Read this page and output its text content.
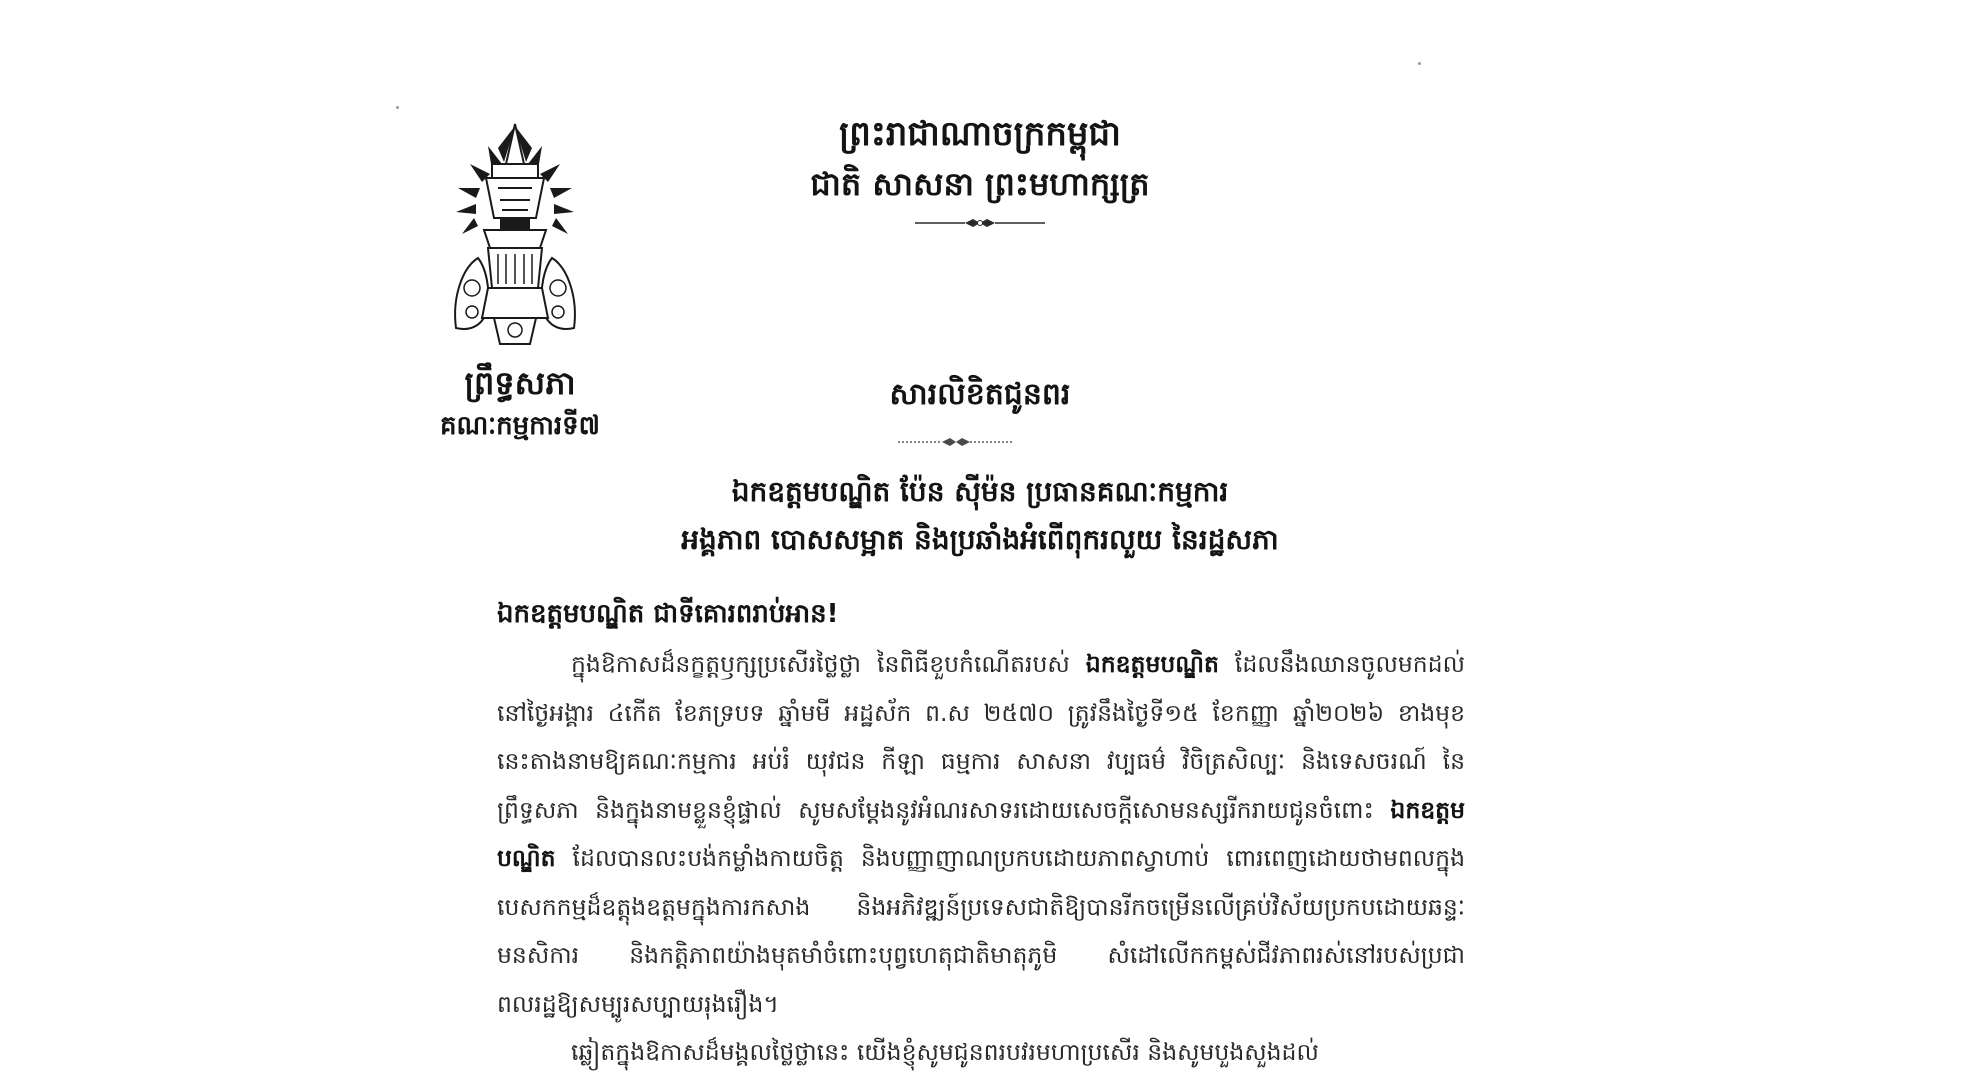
ព្រឹទ្ធសភា
គណៈកម្មការទី៧
ព្រះរាជាណាចក្រកម្ពុជា
ជាតិ សាសនា ព្រះមហាក្សត្រ
សារលិខិតជូនពរ
ឯកឧត្តមបណ្ឌិត ប៉ែន ស៊ីម៉ន ប្រធានគណៈកម្មការ
អង្គភាព បោសសម្អាត និងប្រឆាំងអំពើពុករលួយ នៃរដ្ឋសភា
ឯកឧត្តមបណ្ឌិត ជាទីគោរពរាប់អាន!

ក្នុងឱកាសដ៏នក្ខត្តឫក្សប្រសើរថ្លៃថ្លា នៃពិធីខួបកំណើតរបស់ ឯកឧត្តមបណ្ឌិត ដែលនឹងឈានចូលមកដល់នៅថ្ងៃអង្គារ ៤កើត ខែភទ្របទ ឆ្នាំមមី អដ្ឋស័ក ព.ស ២៥៧០ ត្រូវនឹងថ្ងៃទី១៥ ខែកញ្ញា ឆ្នាំ២០២៦ ខាងមុខនេះតាងនាមឱ្យគណៈកម្មការ អប់រំ យុវជន កីឡា ធម្មការ សាសនា វប្បធម៌ វិចិត្រសិល្បៈ និងទេសចរណ៍ នៃព្រឹទ្ធសភា និងក្នុងនាមខ្លួនខ្ញុំផ្ទាល់ សូមសម្តែងនូវអំណរសាទរដោយសេចក្តីសោមនស្សរីករាយជូនចំពោះ ឯកឧត្តមបណ្ឌិត ដែលបានលះបង់កម្លាំងកាយចិត្ត និងបញ្ញាញាណប្រកបដោយភាពស្វាហាប់ ពោរពេញដោយថាមពលក្នុងបេសកកម្មដ៏ឧត្តុងឧត្តមក្នុងការកសាង និងអភិវឌ្ឍន៍ប្រទេសជាតិឱ្យបានរីកចម្រើនលើគ្រប់វិស័យប្រកបដោយឆន្ទៈ មនសិការ និងកត្តិភាពយ៉ាងមុតមាំចំពោះបុព្វហេតុជាតិមាតុភូមិ សំដៅលើកកម្ពស់ជីវភាពរស់នៅរបស់ប្រជាពលរដ្ឋឱ្យសម្បូរសប្បាយរុងរឿង។

ឆ្លៀតក្នុងឱកាសដ៏មង្គលថ្លៃថ្លានេះ យើងខ្ញុំសូមជូនពរបវរមហាប្រសើរ និងសូមបួងសួងដល់
